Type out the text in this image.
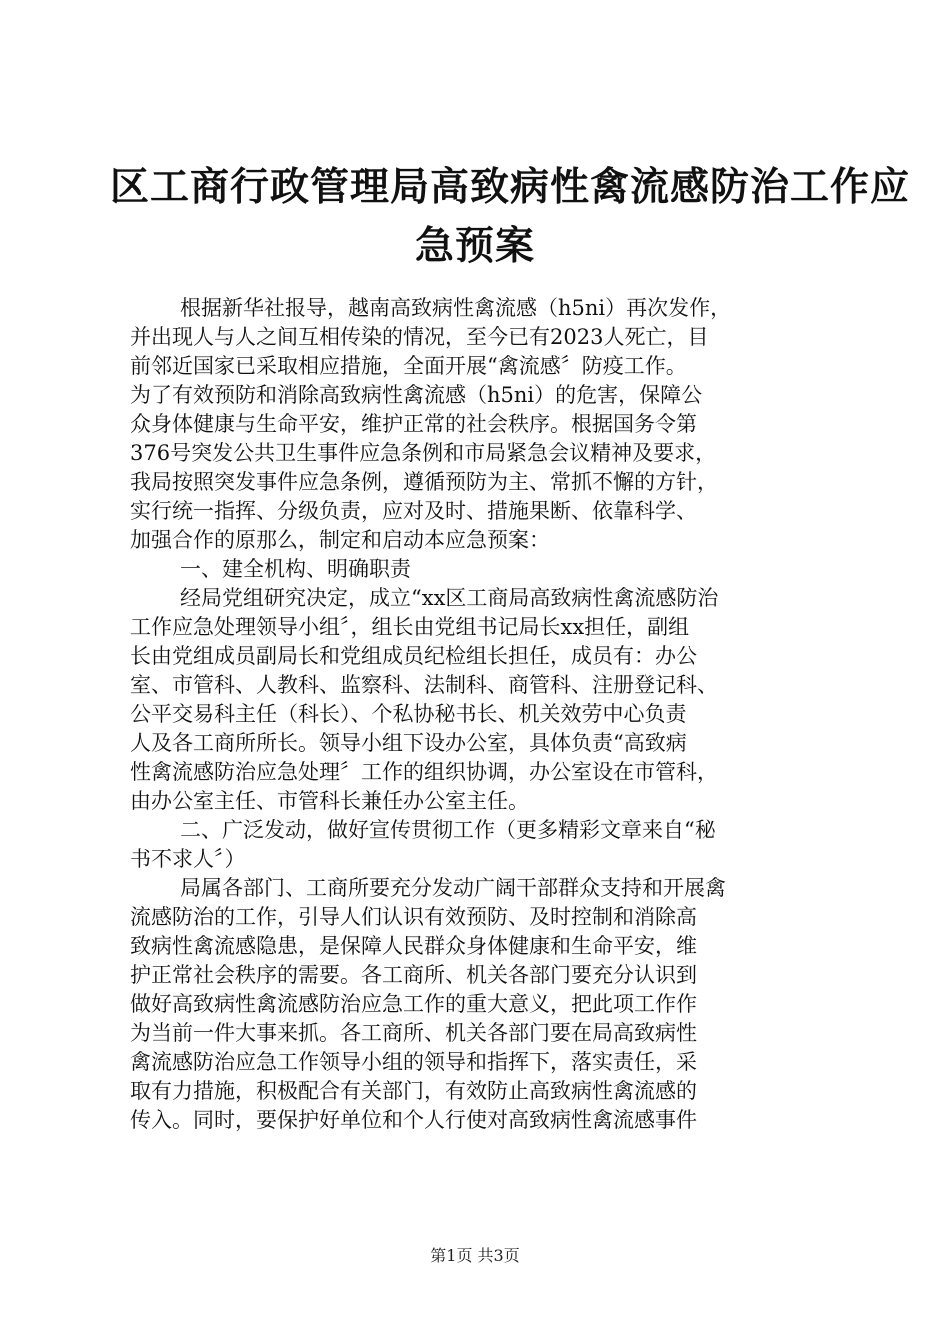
区工商行政管理局高致病性禽流感防治工作应
急预案
根据新华社报导，越南高致病性禽流感（h5ni）再次发作，
并出现人与人之间互相传染的情况，至今已有2023人死亡，目
前邻近国家已采取相应措施，全面开展“禽流感〞防疫工作。
为了有效预防和消除高致病性禽流感（h5ni）的危害，保障公
众身体健康与生命平安，维护正常的社会秩序。根据国务令第
376号突发公共卫生事件应急条例和市局紧急会议精神及要求，
我局按照突发事件应急条例，遵循预防为主、常抓不懈的方针，
实行统一指挥、分级负责，应对及时、措施果断、依靠科学、
加强合作的原那么，制定和启动本应急预案：
一、建全机构、明确职责
经局党组研究决定，成立“xx区工商局高致病性禽流感防治
工作应急处理领导小组〞，组长由党组书记局长xx担任，副组
长由党组成员副局长和党组成员纪检组长担任，成员有：办公
室、市管科、人教科、监察科、法制科、商管科、注册登记科、
公平交易科主任（科长）、个私协秘书长、机关效劳中心负责
人及各工商所所长。领导小组下设办公室，具体负责“高致病
性禽流感防治应急处理〞工作的组织协调，办公室设在市管科，
由办公室主任、市管科长兼任办公室主任。
二、广泛发动，做好宣传贯彻工作（更多精彩文章来自“秘
书不求人〞）
局属各部门、工商所要充分发动广阔干部群众支持和开展禽
流感防治的工作，引导人们认识有效预防、及时控制和消除高
致病性禽流感隐患，是保障人民群众身体健康和生命平安，维
护正常社会秩序的需要。各工商所、机关各部门要充分认识到
做好高致病性禽流感防治应急工作的重大意义，把此项工作作
为当前一件大事来抓。各工商所、机关各部门要在局高致病性
禽流感防治应急工作领导小组的领导和指挥下，落实责任，采
取有力措施，积极配合有关部门，有效防止高致病性禽流感的
传入。同时，要保护好单位和个人行使对高致病性禽流感事件
第1页 共3页
